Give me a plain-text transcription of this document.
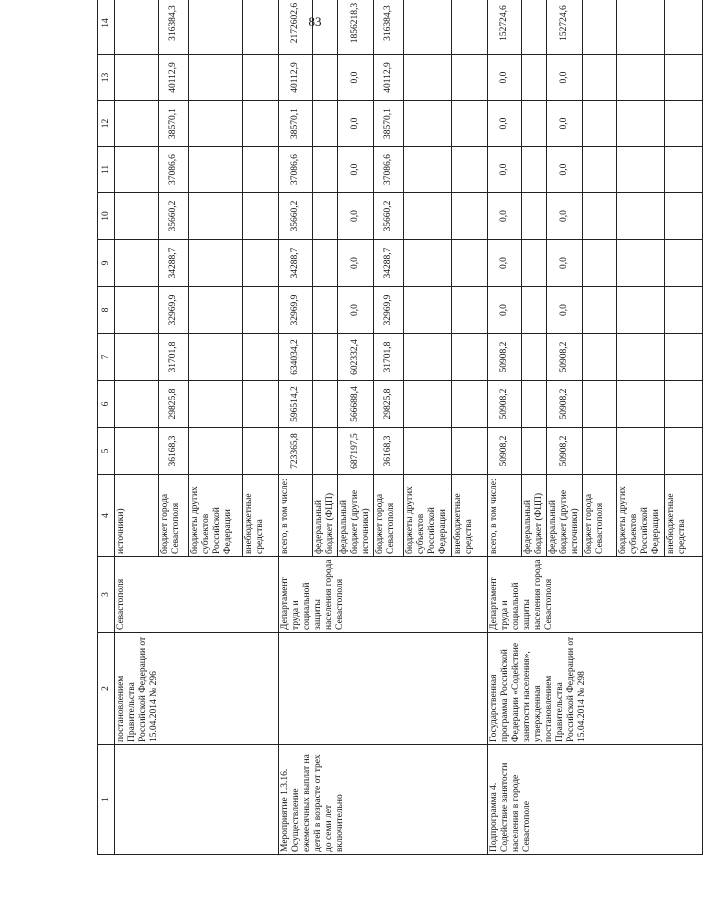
83
1	2	3	4	5	6	7	8	9	10	11	12	13	14
	постановлением Правительства Российской Федерации от 15.04.2014 № 296	Севастополя	источники)										
			бюджет города Севастополя	36168,3	29825,8	31701,8	32969,9	34288,7	35660,2	37086,6	38570,1	40112,9	316384,3
			бюджеты других субъектов Российской Федерации										
			внебюджетные средства										
Мероприятие 1.3.16. Осуществление ежемесячных выплат на детей в возрасте от трех до семи лет включительно		Департамент труда и социальной защиты населения города Севастополя	всего, в том числе:	723365,8	596514,2	634034,2	32969,9	34288,7	35660,2	37086,6	38570,1	40112,9	2172602,6
			федеральный бюджет (ФЦП)										
			федеральный бюджет (другие источники)	687197,5	566688,4	602332,4	0,0	0,0	0,0	0,0	0,0	0,0	1856218,3
			бюджет города Севастополя	36168,3	29825,8	31701,8	32969,9	34288,7	35660,2	37086,6	38570,1	40112,9	316384,3
			бюджеты других субъектов Российской Федерации										
			внебюджетные средства										
Подпрограмма 4. Содействие занятости населения в городе Севастополе	Государственная программа Российской Федерации «Содействие занятости населения», утвержденная постановлением Правительства Российской Федерации от 15.04.2014 № 298	Департамент труда и социальной защиты населения города Севастополя	всего, в том числе:	50908,2	50908,2	50908,2	0,0	0,0	0,0	0,0	0,0	0,0	152724,6
			федеральный бюджет (ФЦП)										
			федеральный бюджет (другие источники)	50908,2	50908,2	50908,2	0,0	0,0	0,0	0,0	0,0	0,0	152724,6
			бюджет города Севастополя										
			бюджеты других субъектов Российской Федерации										
			внебюджетные средства										
